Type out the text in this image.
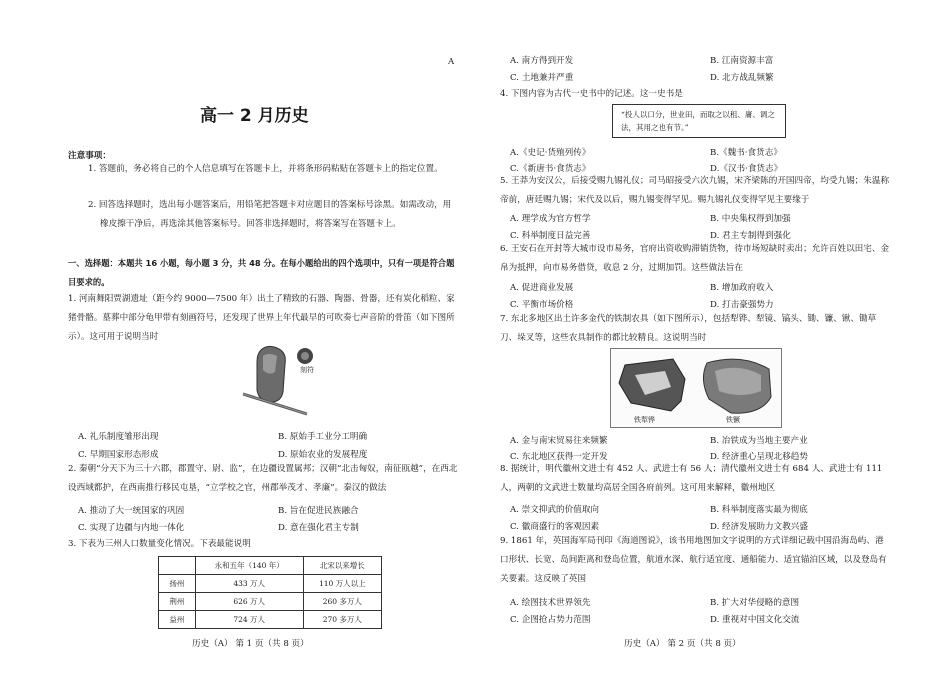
A
高一 2 月历史
注意事项：
1. 答题前，务必将自己的个人信息填写在答题卡上，并将条形码粘贴在答题卡上的指定位置。
2. 回答选择题时，选出每小题答案后，用铅笔把答题卡对应题目的答案标号涂黑。如需改动，用橡皮擦干净后，再选涂其他答案标号。回答非选择题时，将答案写在答题卡上。
一、选择题：本题共 16 小题，每小题 3 分，共 48 分。在每小题给出的四个选项中，只有一项是符合题目要求的。
1. 河南舞阳贾湖遗址（距今约 9000—7500 年）出土了精致的石器、陶器、骨器，还有炭化稻粒、家猪骨骼。墓葬中部分龟甲带有刻画符号，还发现了世界上年代最早的可吹奏七声音阶的骨笛（如下图所示）。这可用于说明当时
刻符
A. 礼乐制度雏形出现	B. 原始手工业分工明确
C. 早期国家形态形成	D. 原始农业的发展程度
2. 秦朝“分天下为三十六郡，郡置守、尉、监”，在边疆设置属邦；汉朝“北击匈奴，南征瓯越”，在西北设西域都护，在西南推行移民屯垦，“立学校之官，州郡举茂才、孝廉”。秦汉的做法
A. 推动了大一统国家的巩固	B. 旨在促进民族融合
C. 实现了边疆与内地一体化	D. 意在强化君主专制
3. 下表为三州人口数量变化情况。下表最能说明
	永和五年（140 年）	北宋以来增长
扬州	433 万人	110 万人以上
荆州	626 万人	260 多万人
益州	724 万人	270 多万人
历史（A） 第 1 页（共 8 页）
A. 南方得到开发	B. 江南资源丰富
C. 土地兼并严重	D. 北方战乱频繁
4. 下图内容为古代一史书中的记述。这一史书是
“投人以口分，世业田，而取之以租、庸、调之法，其用之也有节。”
A.《史记·货殖列传》	B.《魏书·食货志》
C.《新唐书·食货志》	D.《汉书·食货志》
5. 王莽为安汉公，后接受赐九锡礼仪；司马昭接受六次九锡，宋齐梁陈的开国四帝，均受九锡；朱温称帝前，唐廷赐九锡；宋代及以后，赐九锡变得罕见。赐九锡礼仪变得罕见主要缘于
A. 理学成为官方哲学	B. 中央集权得到加强
C. 科举制度日益完善	D. 君主专制得到强化
6. 王安石在开封等大城市设市易务，官府出资收购滞销货物，待市场短缺时卖出；允许百姓以田宅、金帛为抵押，向市易务借贷，收息 2 分，过期加罚。这些做法旨在
A. 促进商业发展	B. 增加政府收入
C. 平衡市场价格	D. 打击豪强势力
7. 东北多地区出土许多金代的铁制农具（如下图所示），包括犁铧、犁镜、镐头、锄、镰、锹、锄草刀、垛叉等，这些农具制作的都比较精良。这说明当时
铁犁铧	铁镢
A. 金与南宋贸易往来频繁	B. 冶铁成为当地主要产业
C. 东北地区获得一定开发	D. 经济重心呈现北移趋势
8. 据统计，明代徽州文进士有 452 人、武进士有 56 人；清代徽州文进士有 684 人、武进士有 111 人，两朝的文武进士数量均高居全国各府前列。这可用来解释，徽州地区
A. 崇文抑武的价值取向	B. 科举制度落实最为彻底
C. 徽商盛行的客观因素	D. 经济发展助力文教兴盛
9. 1861 年，英国海军局刊印《海道图说》，该书用地图加文字说明的方式详细记载中国沿海岛屿、港口形状、长宽、岛间距离和登岛位置，航道水深、航行适宜度、通船能力、适宜锚泊区域，以及登岛有关要素。这反映了英国
A. 绘图技术世界领先	B. 扩大对华侵略的意图
C. 企图抢占势力范围	D. 重视对中国文化交流
历史（A） 第 2 页（共 8 页）
